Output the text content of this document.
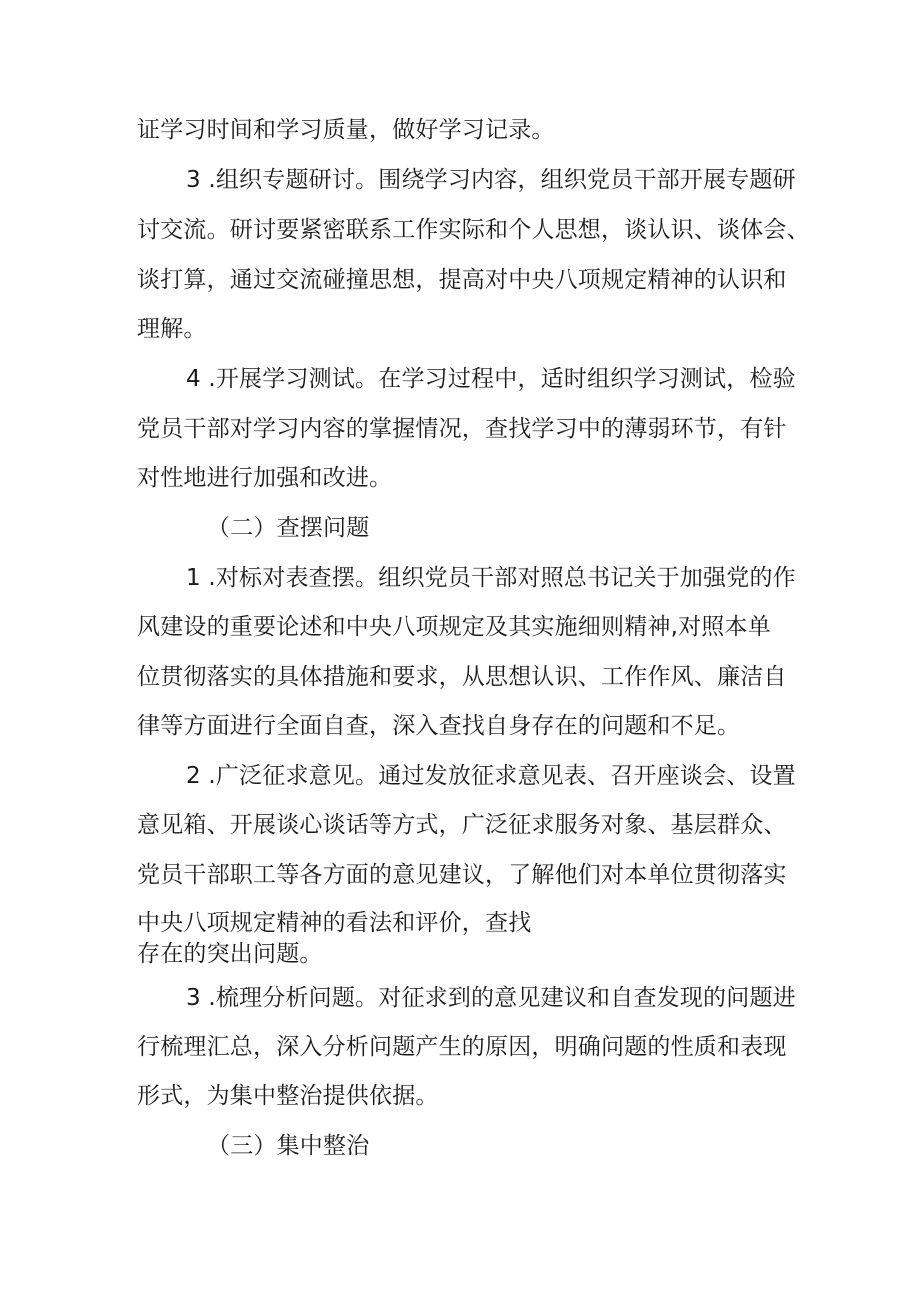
证学习时间和学习质量，做好学习记录。
3 .组织专题研讨。围绕学习内容，组织党员干部开展专题研
讨交流。研讨要紧密联系工作实际和个人思想，谈认识、谈体会、
谈打算，通过交流碰撞思想，提高对中央八项规定精神的认识和
理解。
4 .开展学习测试。在学习过程中，适时组织学习测试，检验
党员干部对学习内容的掌握情况，查找学习中的薄弱环节，有针
对性地进行加强和改进。
（二）查摆问题
1 .对标对表查摆。组织党员干部对照总书记关于加强党的作
风建设的重要论述和中央八项规定及其实施细则精神,对照本单
位贯彻落实的具体措施和要求，从思想认识、工作作风、廉洁自
律等方面进行全面自查，深入查找自身存在的问题和不足。
2 .广泛征求意见。通过发放征求意见表、召开座谈会、设置
意见箱、开展谈心谈话等方式，广泛征求服务对象、基层群众、
党员干部职工等各方面的意见建议，了解他们对本单位贯彻落实
中央八项规定精神的看法和评价，查找
存在的突出问题。
3 .梳理分析问题。对征求到的意见建议和自查发现的问题进
行梳理汇总，深入分析问题产生的原因，明确问题的性质和表现
形式，为集中整治提供依据。
（三）集中整治
